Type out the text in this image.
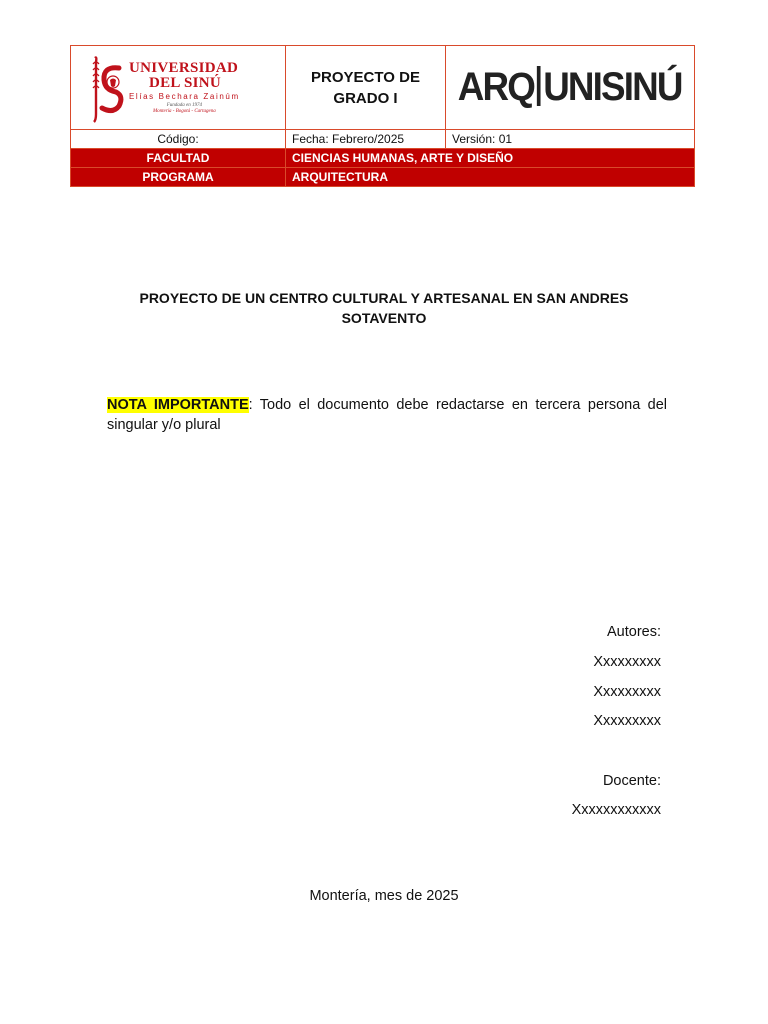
UNIVERSIDAD
DEL SINÚ
Elías Bechara Zainúm
Fundada en 1974
Montería - Bogotá - Cartagena	PROYECTO DE GRADO I	ARQ UNISINÚ
Código:	Fecha: Febrero/2025	Versión: 01
FACULTAD	CIENCIAS HUMANAS, ARTE Y DISEÑO	
PROGRAMA	ARQUITECTURA	
PROYECTO DE UN CENTRO CULTURAL Y ARTESANAL EN SAN ANDRES
SOTAVENTO
NOTA IMPORTANTE: Todo el documento debe redactarse en tercera persona del singular y/o plural
Autores:
Xxxxxxxxx
Xxxxxxxxx
Xxxxxxxxx
Docente:
Xxxxxxxxxxxx
Montería, mes de 2025
